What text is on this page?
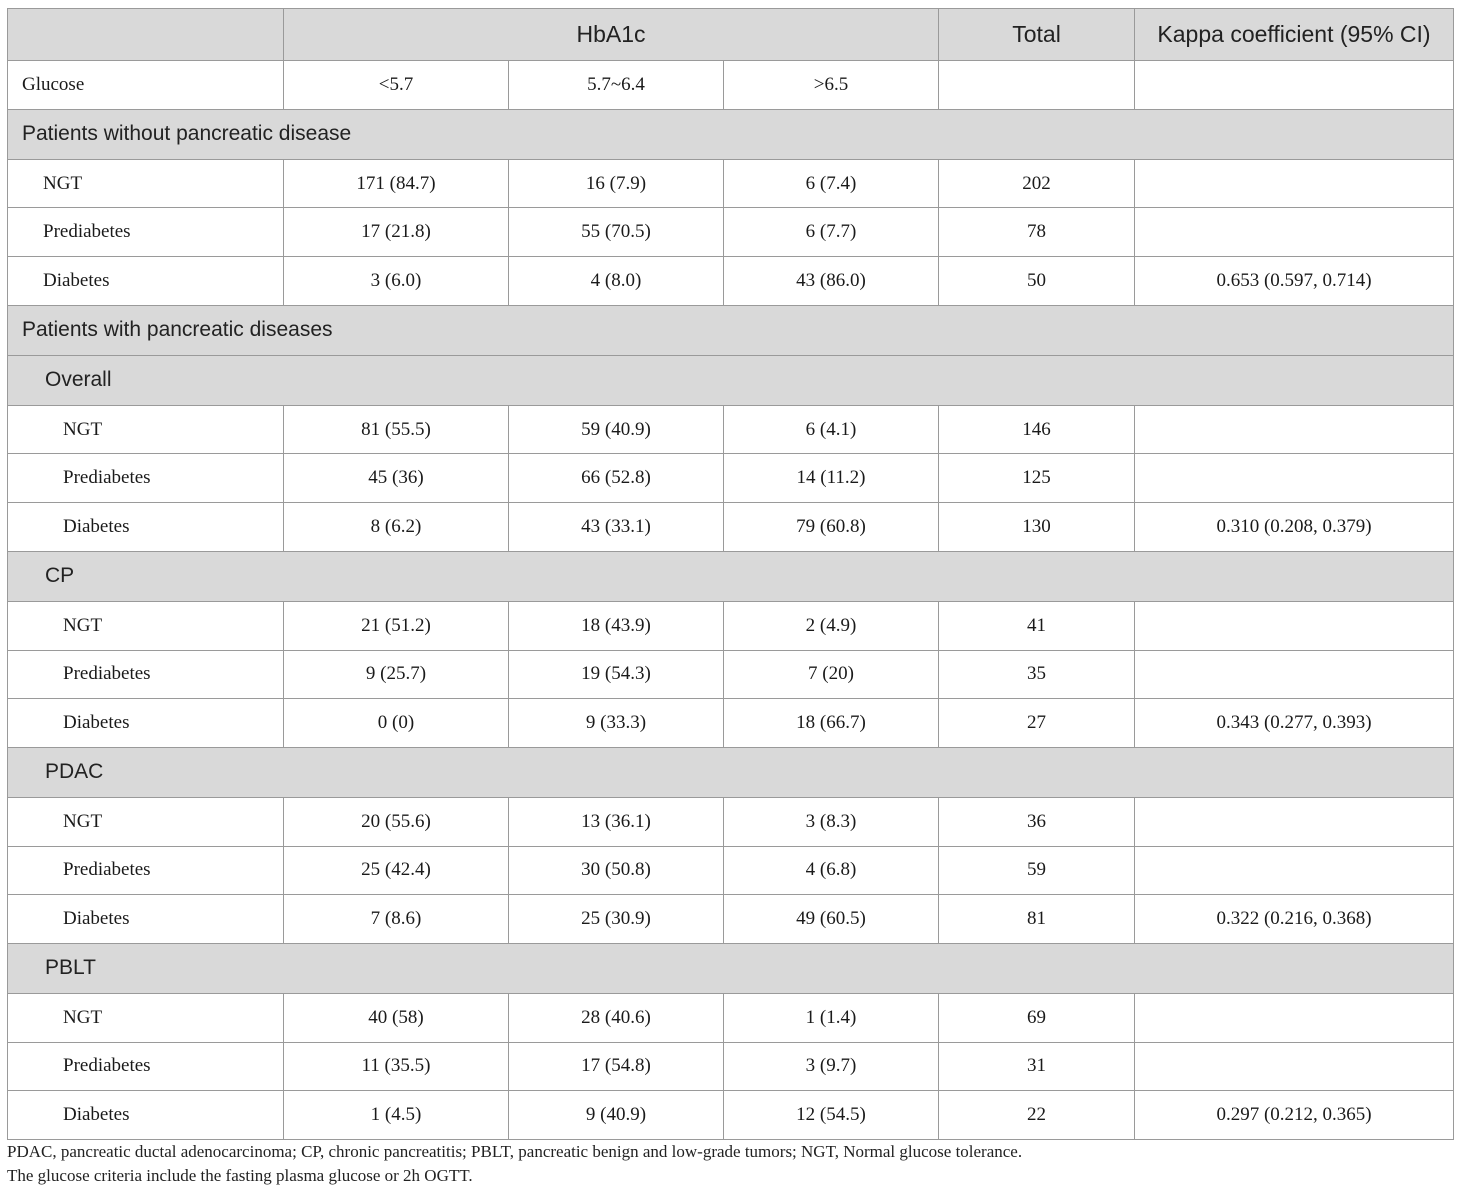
	HbA1c			Total	Kappa coefficient (95% CI)
Glucose	<5.7	5.7~6.4	>6.5		
Patients without pancreatic disease					
NGT	171 (84.7)	16 (7.9)	6 (7.4)	202	
Prediabetes	17 (21.8)	55 (70.5)	6 (7.7)	78	
Diabetes	3 (6.0)	4 (8.0)	43 (86.0)	50	0.653 (0.597, 0.714)
Patients with pancreatic diseases					
Overall					
NGT	81 (55.5)	59 (40.9)	6 (4.1)	146	
Prediabetes	45 (36)	66 (52.8)	14 (11.2)	125	
Diabetes	8 (6.2)	43 (33.1)	79 (60.8)	130	0.310 (0.208, 0.379)
CP					
NGT	21 (51.2)	18 (43.9)	2 (4.9)	41	
Prediabetes	9 (25.7)	19 (54.3)	7 (20)	35	
Diabetes	0 (0)	9 (33.3)	18 (66.7)	27	0.343 (0.277, 0.393)
PDAC					
NGT	20 (55.6)	13 (36.1)	3 (8.3)	36	
Prediabetes	25 (42.4)	30 (50.8)	4 (6.8)	59	
Diabetes	7 (8.6)	25 (30.9)	49 (60.5)	81	0.322 (0.216, 0.368)
PBLT					
NGT	40 (58)	28 (40.6)	1 (1.4)	69	
Prediabetes	11 (35.5)	17 (54.8)	3 (9.7)	31	
Diabetes	1 (4.5)	9 (40.9)	12 (54.5)	22	0.297 (0.212, 0.365)
PDAC, pancreatic ductal adenocarcinoma; CP, chronic pancreatitis; PBLT, pancreatic benign and low-grade tumors; NGT, Normal glucose tolerance.
The glucose criteria include the fasting plasma glucose or 2h OGTT.
